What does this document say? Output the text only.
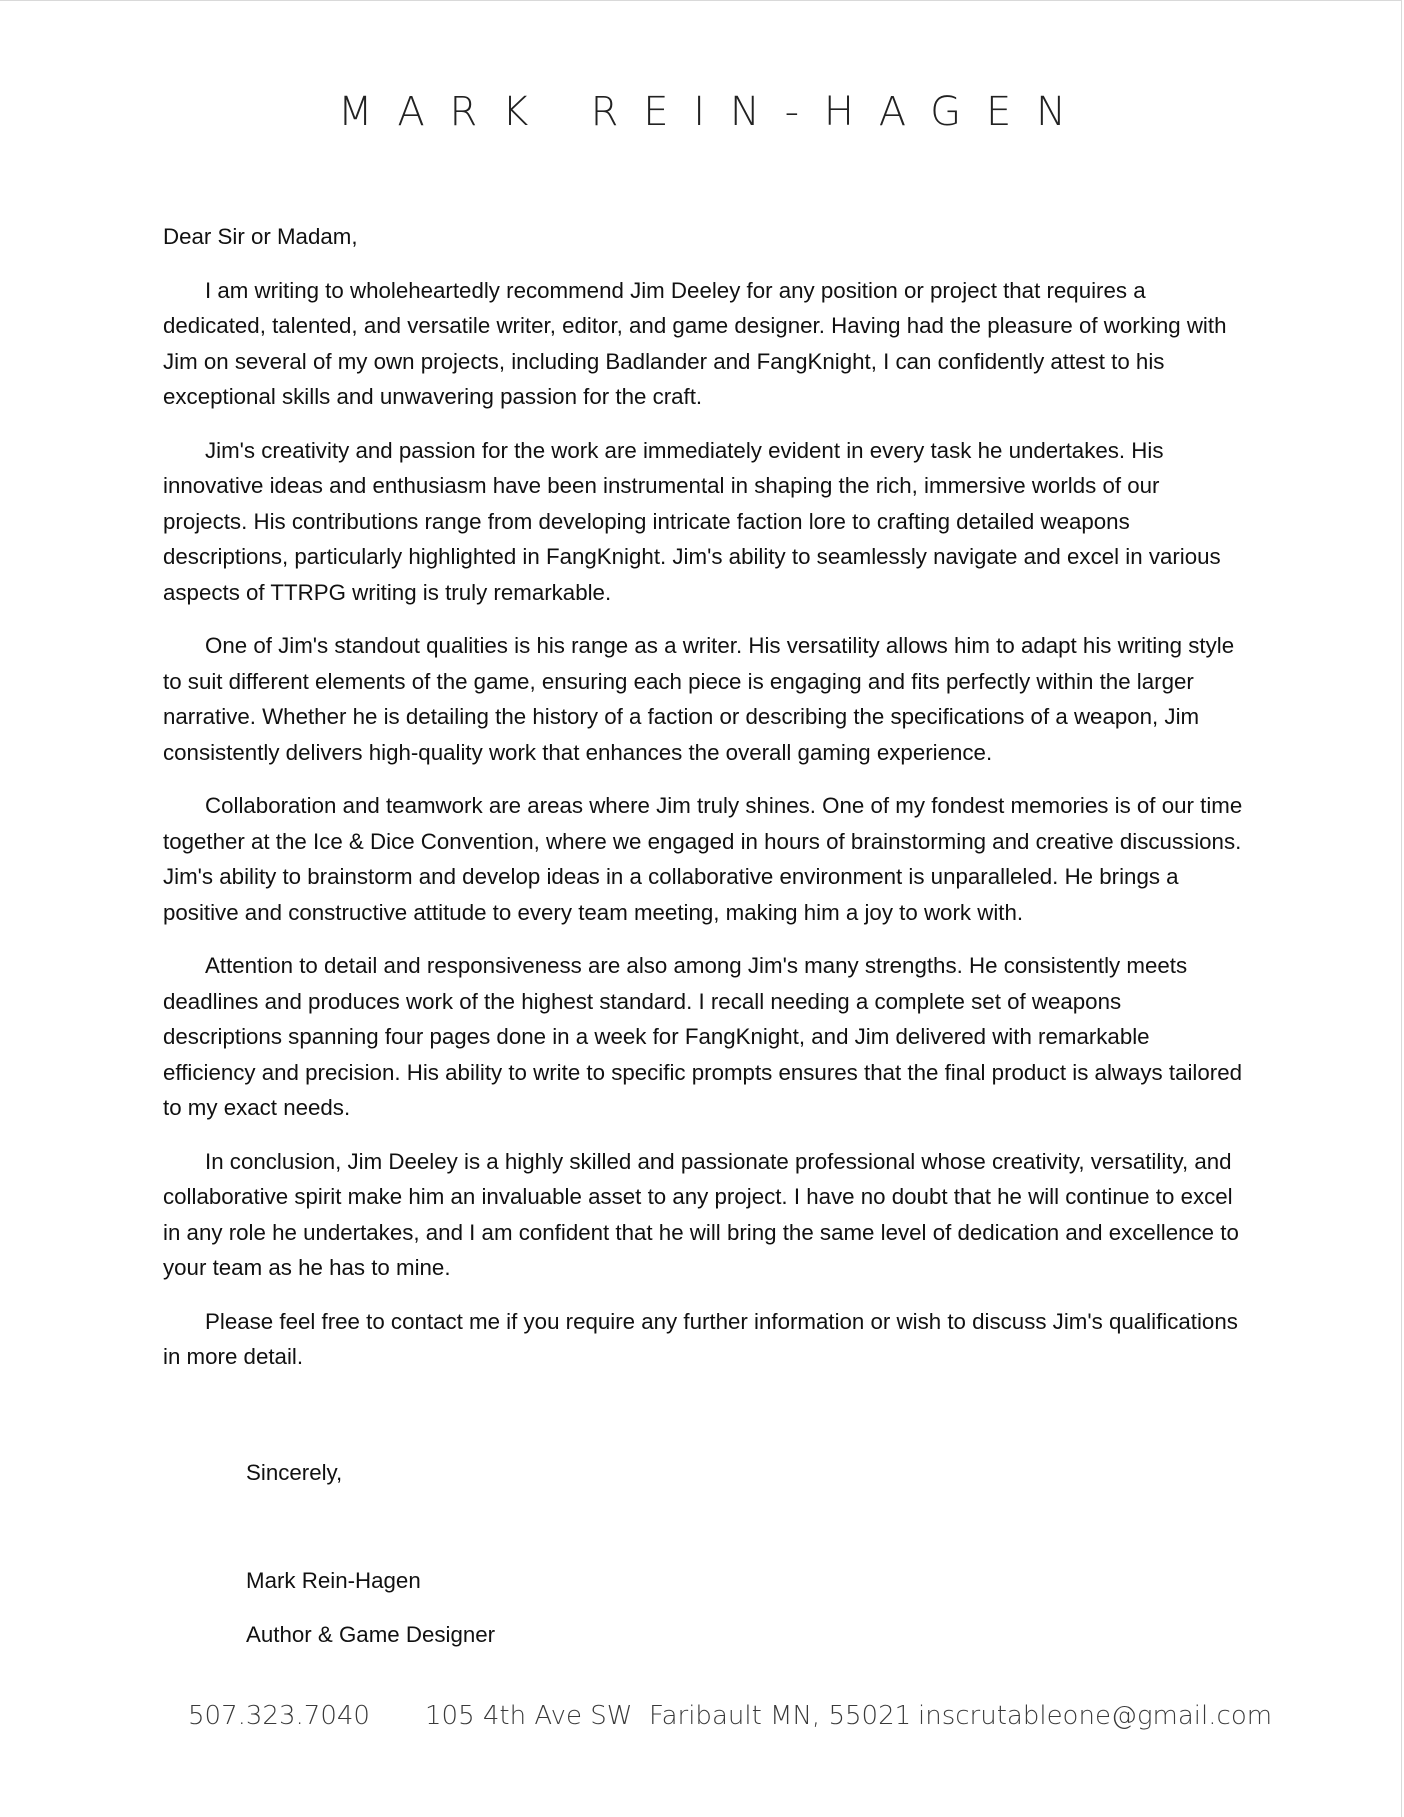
MARK REIN-HAGEN

Dear Sir or Madam,

I am writing to wholeheartedly recommend Jim Deeley for any position or project that requires a dedicated, talented, and versatile writer, editor, and game designer. Having had the pleasure of working with Jim on several of my own projects, including Badlander and FangKnight, I can confidently attest to his exceptional skills and unwavering passion for the craft.

Jim's creativity and passion for the work are immediately evident in every task he undertakes. His innovative ideas and enthusiasm have been instrumental in shaping the rich, immersive worlds of our projects. His contributions range from developing intricate faction lore to crafting detailed weapons descriptions, particularly highlighted in FangKnight. Jim's ability to seamlessly navigate and excel in various aspects of TTRPG writing is truly remarkable.

One of Jim's standout qualities is his range as a writer. His versatility allows him to adapt his writing style to suit different elements of the game, ensuring each piece is engaging and fits perfectly within the larger narrative. Whether he is detailing the history of a faction or describing the specifications of a weapon, Jim consistently delivers high-quality work that enhances the overall gaming experience.

Collaboration and teamwork are areas where Jim truly shines. One of my fondest memories is of our time together at the Ice & Dice Convention, where we engaged in hours of brainstorming and creative discussions. Jim's ability to brainstorm and develop ideas in a collaborative environment is unparalleled. He brings a positive and constructive attitude to every team meeting, making him a joy to work with.

Attention to detail and responsiveness are also among Jim's many strengths. He consistently meets deadlines and produces work of the highest standard. I recall needing a complete set of weapons descriptions spanning four pages done in a week for FangKnight, and Jim delivered with remarkable efficiency and precision. His ability to write to specific prompts ensures that the final product is always tailored to my exact needs.

In conclusion, Jim Deeley is a highly skilled and passionate professional whose creativity, versatility, and collaborative spirit make him an invaluable asset to any project. I have no doubt that he will continue to excel in any role he undertakes, and I am confident that he will bring the same level of dedication and excellence to your team as he has to mine.

Please feel free to contact me if you require any further information or wish to discuss Jim's qualifications in more detail.

Sincerely,
Mark Rein-Hagen
Author & Game Designer
507.323.7040 105 4th Ave SW  Faribault MN, 55021 inscrutableone@gmail.com
